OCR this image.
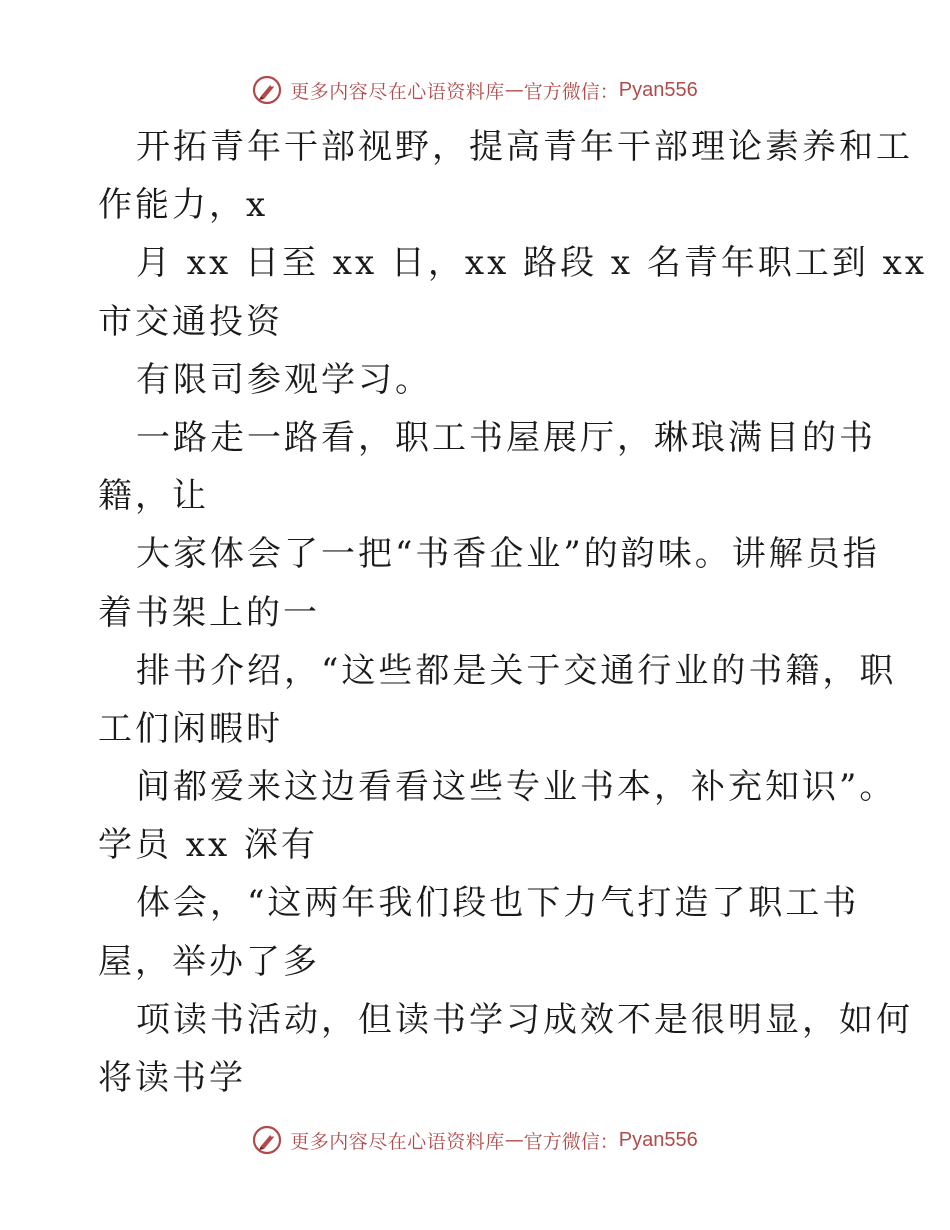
更多内容尽在心语资料库 — 官方微信： Pyan556
开拓青年干部视野，提高青年干部理论素养和工
作能力，x
月 xx 日至 xx 日，xx 路段 x 名青年职工到 xx
市交通投资
有限司参观学习。
一路走一路看，职工书屋展厅，琳琅满目的书
籍，让
大家体会了一把“书香企业”的韵味。讲解员指
着书架上的一
排书介绍，“这些都是关于交通行业的书籍，职
工们闲暇时
间都爱来这边看看这些专业书本，补充知识”。
学员 xx 深有
体会，“这两年我们段也下力气打造了职工书
屋，举办了多
项读书活动，但读书学习成效不是很明显，如何
将读书学
更多内容尽在心语资料库 — 官方微信： Pyan556
